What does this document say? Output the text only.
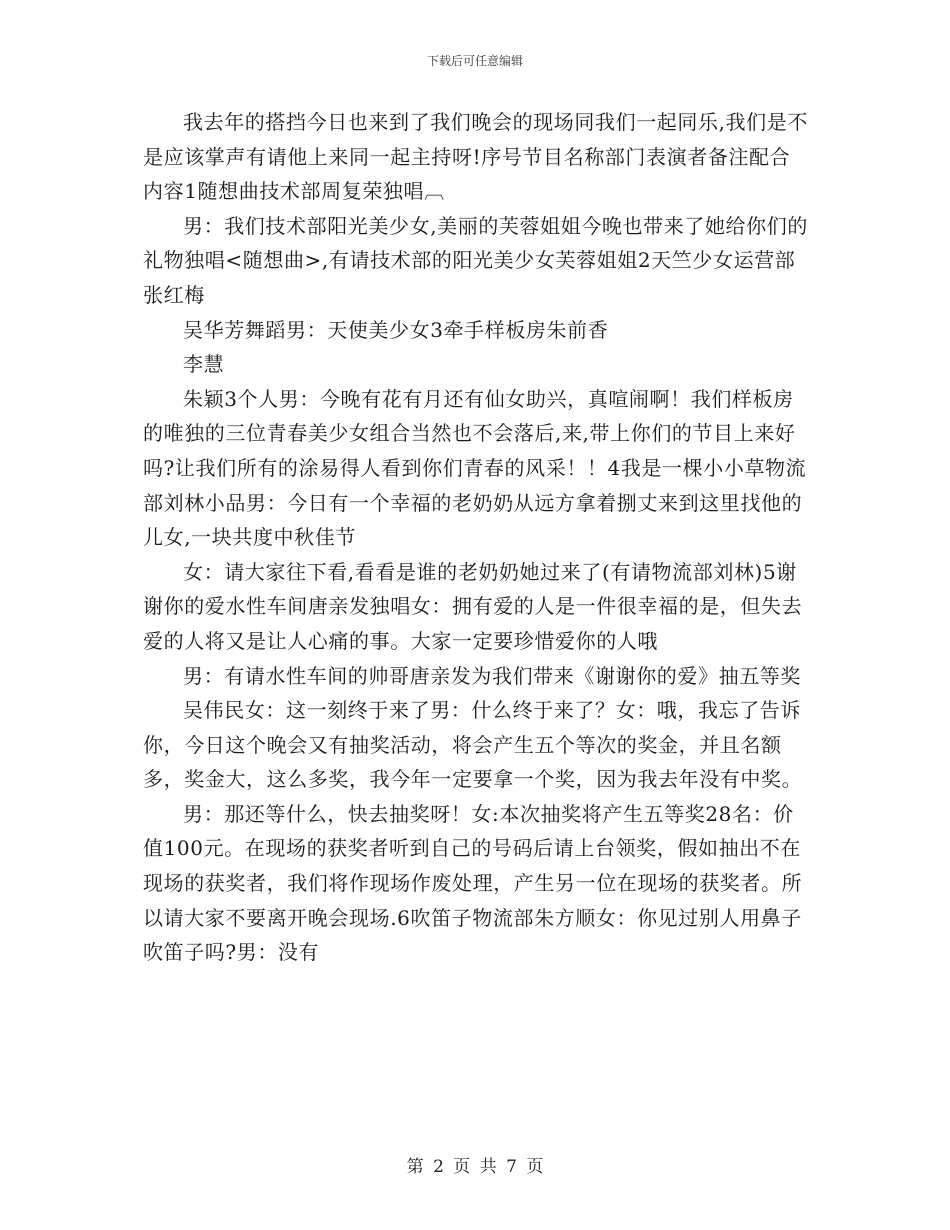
下载后可任意编辑

我去年的搭挡今日也来到了我们晚会的现场同我们一起同乐,我们是不是应该掌声有请他上来同一起主持呀!序号节目名称部门表演者备注配合内容1随想曲技术部周复荣独唱︹

男：我们技术部阳光美少女,美丽的芙蓉姐姐今晚也带来了她给你们的礼物独唱<随想曲>,有请技术部的阳光美少女芙蓉姐姐2天竺少女运营部张红梅

吴华芳舞蹈男：天使美少女3牵手样板房朱前香

李慧

朱颖3个人男：今晚有花有月还有仙女助兴，真喧闹啊！我们样板房的唯独的三位青春美少女组合当然也不会落后,来,带上你们的节目上来好吗?让我们所有的涂易得人看到你们青春的风采！！4我是一棵小小草物流部刘林小品男：今日有一个幸福的老奶奶从远方拿着捌丈来到这里找他的儿女,一块共度中秋佳节

女：请大家往下看,看看是谁的老奶奶她过来了(有请物流部刘林)5谢谢你的爱水性车间唐亲发独唱女：拥有爱的人是一件很幸福的是，但失去爱的人将又是让人心痛的事。大家一定要珍惜爱你的人哦

男：有请水性车间的帅哥唐亲发为我们带来《谢谢你的爱》抽五等奖

吴伟民女：这一刻终于来了男：什么终于来了？女：哦，我忘了告诉你，今日这个晚会又有抽奖活动，将会产生五个等次的奖金，并且名额多，奖金大，这么多奖，我今年一定要拿一个奖，因为我去年没有中奖。

男：那还等什么，快去抽奖呀！女:本次抽奖将产生五等奖28名：价值100元。在现场的获奖者听到自己的号码后请上台领奖，假如抽出不在现场的获奖者，我们将作现场作废处理，产生另一位在现场的获奖者。所以请大家不要离开晚会现场.6吹笛子物流部朱方顺女：你见过别人用鼻子吹笛子吗?男：没有

第 2 页 共 7 页
